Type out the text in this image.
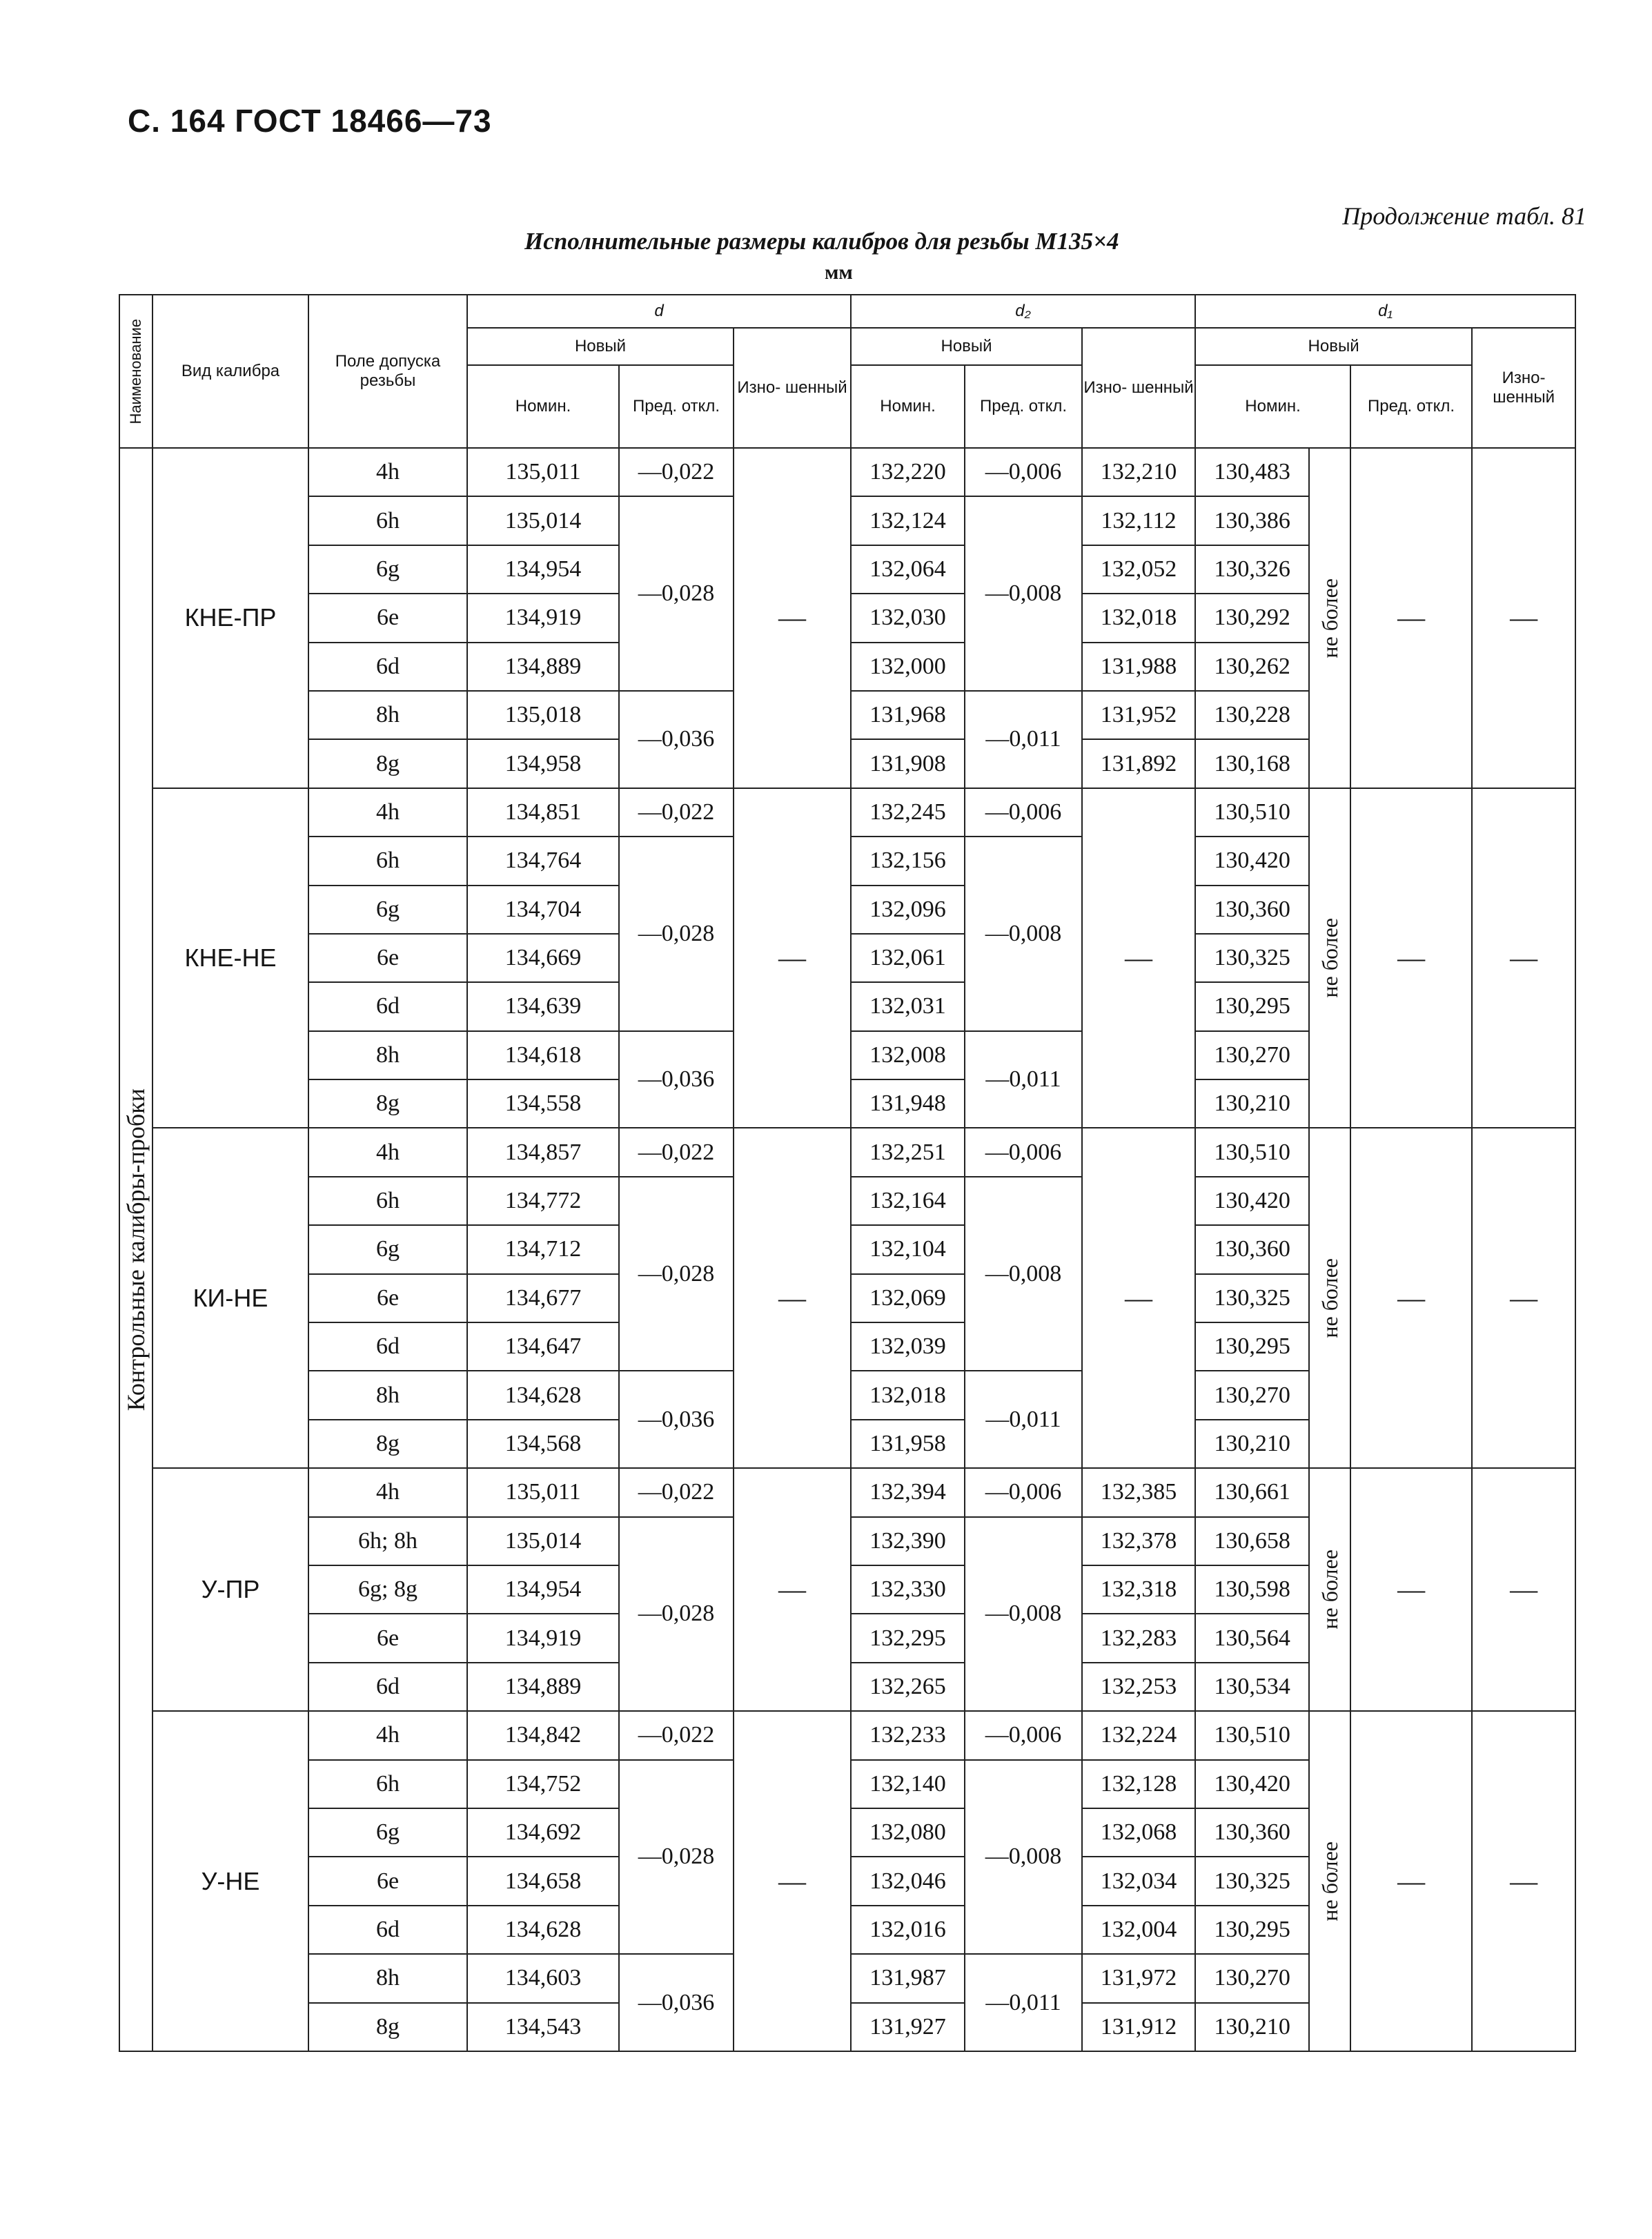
С. 164 ГОСТ 18466—73
Продолжение табл. 81
Исполнительные размеры калибров для резьбы M135×4
мм
Наименование	Вид калибра	Поле допуска резьбы	d			d₂			d₁			
			Новый		Изно- шенный	Новый		Изно- шенный	Новый			Изно- шенный
			Номин.	Пред. откл.		Номин.	Пред. откл.		Номин.		Пред. откл.	

Контрольные калибры-пробки	КНЕ-ПР	4h	135,011	—0,022	—	132,220	—0,006	132,210	130,483	не более	—	—
		6h	135,014	—0,028		132,124	—0,008	132,112	130,386			
		6g	134,954			132,064		132,052	130,326			
		6e	134,919			132,030		132,018	130,292			
		6d	134,889			132,000		131,988	130,262			
		8h	135,018	—0,036		131,968	—0,011	131,952	130,228			
		8g	134,958			131,908		131,892	130,168			
	КНЕ-НЕ	4h	134,851	—0,022	—	132,245	—0,006	—	130,510	не более	—	—
		6h	134,764	—0,028		132,156	—0,008		130,420			
		6g	134,704			132,096			130,360			
		6e	134,669			132,061			130,325			
		6d	134,639			132,031			130,295			
		8h	134,618	—0,036		132,008	—0,011		130,270			
		8g	134,558			131,948			130,210			
	КИ-НЕ	4h	134,857	—0,022	—	132,251	—0,006	—	130,510	не более	—	—
		6h	134,772	—0,028		132,164	—0,008		130,420			
		6g	134,712			132,104			130,360			
		6e	134,677			132,069			130,325			
		6d	134,647			132,039			130,295			
		8h	134,628	—0,036		132,018	—0,011		130,270			
		8g	134,568			131,958			130,210			
	У-ПР	4h	135,011	—0,022	—	132,394	—0,006	132,385	130,661	не более	—	—
		6h; 8h	135,014	—0,028		132,390	—0,008	132,378	130,658			
		6g; 8g	134,954			132,330		132,318	130,598			
		6e	134,919			132,295		132,283	130,564			
		6d	134,889			132,265		132,253	130,534			
	У-НЕ	4h	134,842	—0,022	—	132,233	—0,006	132,224	130,510	не более	—	—
		6h	134,752	—0,028		132,140	—0,008	132,128	130,420			
		6g	134,692			132,080		132,068	130,360			
		6e	134,658			132,046		132,034	130,325			
		6d	134,628			132,016		132,004	130,295			
		8h	134,603	—0,036		131,987	—0,011	131,972	130,270			
		8g	134,543			131,927		131,912	130,210			
